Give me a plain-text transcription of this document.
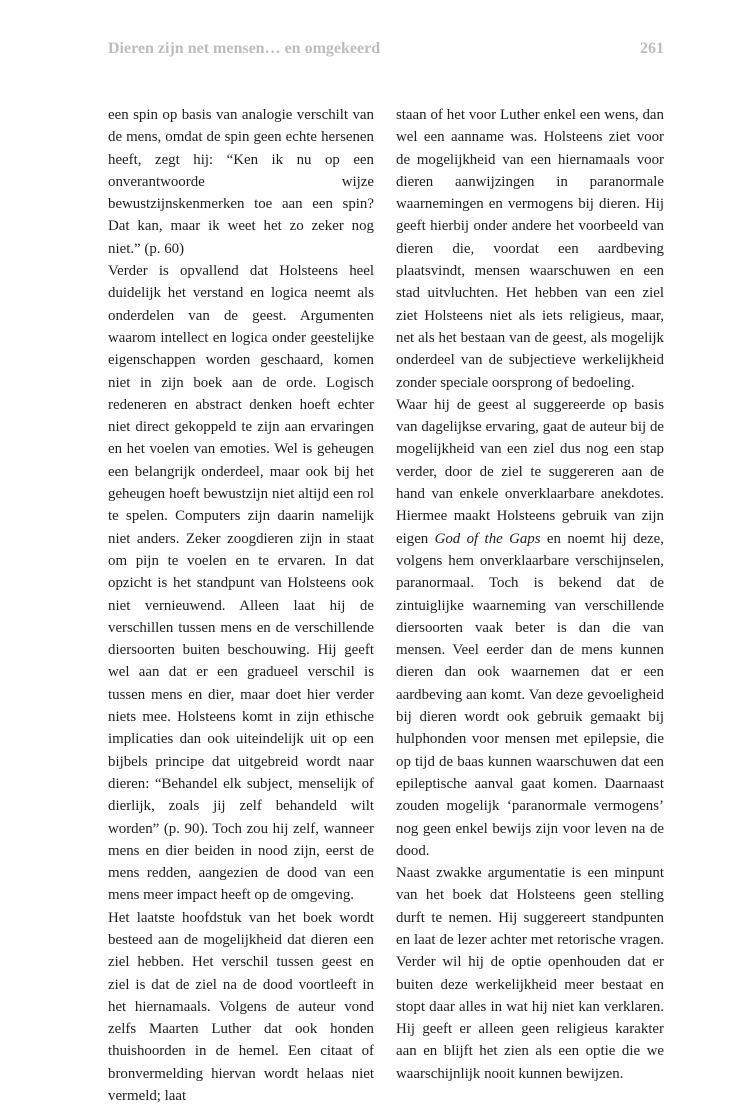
Dieren zijn net mensen… en omgekeerd	261

een spin op basis van analogie verschilt van de mens, omdat de spin geen echte hersenen heeft, zegt hij: “Ken ik nu op een onverantwoorde wijze bewustzijnskenmerken toe aan een spin? Dat kan, maar ik weet het zo zeker nog niet.” (p. 60)

Verder is opvallend dat Holsteens heel duidelijk het verstand en logica neemt als onderdelen van de geest. Argumenten waarom intellect en logica onder geestelijke eigenschappen worden geschaard, komen niet in zijn boek aan de orde. Logisch redeneren en abstract denken hoeft echter niet direct gekoppeld te zijn aan ervaringen en het voelen van emoties. Wel is geheugen een belangrijk onderdeel, maar ook bij het geheugen hoeft bewustzijn niet altijd een rol te spelen. Computers zijn daarin namelijk niet anders. Zeker zoogdieren zijn in staat om pijn te voelen en te ervaren. In dat opzicht is het standpunt van Holsteens ook niet vernieuwend. Alleen laat hij de verschillen tussen mens en de verschillende diersoorten buiten beschouwing. Hij geeft wel aan dat er een gradueel verschil is tussen mens en dier, maar doet hier verder niets mee. Holsteens komt in zijn ethische implicaties dan ook uiteindelijk uit op een bijbels principe dat uitgebreid wordt naar dieren: “Behandel elk subject, menselijk of dierlijk, zoals jij zelf behandeld wilt worden” (p. 90). Toch zou hij zelf, wanneer mens en dier beiden in nood zijn, eerst de mens redden, aangezien de dood van een mens meer impact heeft op de omgeving.

Het laatste hoofdstuk van het boek wordt besteed aan de mogelijkheid dat dieren een ziel hebben. Het verschil tussen geest en ziel is dat de ziel na de dood voortleeft in het hiernamaals. Volgens de auteur vond zelfs Maarten Luther dat ook honden thuishoorden in de hemel. Een citaat of bronvermelding hiervan wordt helaas niet vermeld; laat

staan of het voor Luther enkel een wens, dan wel een aanname was. Holsteens ziet voor de mogelijkheid van een hiernamaals voor dieren aanwijzingen in paranormale waarnemingen en vermogens bij dieren. Hij geeft hierbij onder andere het voorbeeld van dieren die, voordat een aardbeving plaatsvindt, mensen waarschuwen en een stad uitvluchten. Het hebben van een ziel ziet Holsteens niet als iets religieus, maar, net als het bestaan van de geest, als mogelijk onderdeel van de subjectieve werkelijkheid zonder speciale oorsprong of bedoeling.

Waar hij de geest al suggereerde op basis van dagelijkse ervaring, gaat de auteur bij de mogelijkheid van een ziel dus nog een stap verder, door de ziel te suggereren aan de hand van enkele onverklaarbare anekdotes. Hiermee maakt Holsteens gebruik van zijn eigen God of the Gaps en noemt hij deze, volgens hem onverklaarbare verschijnselen, paranormaal. Toch is bekend dat de zintuiglijke waarneming van verschillende diersoorten vaak beter is dan die van mensen. Veel eerder dan de mens kunnen dieren dan ook waarnemen dat er een aardbeving aan komt. Van deze gevoeligheid bij dieren wordt ook gebruik gemaakt bij hulphonden voor mensen met epilepsie, die op tijd de baas kunnen waarschuwen dat een epileptische aanval gaat komen. Daarnaast zouden mogelijk ‘paranormale vermogens’ nog geen enkel bewijs zijn voor leven na de dood.

Naast zwakke argumentatie is een minpunt van het boek dat Holsteens geen stelling durft te nemen. Hij suggereert standpunten en laat de lezer achter met retorische vragen. Verder wil hij de optie openhouden dat er buiten deze werkelijkheid meer bestaat en stopt daar alles in wat hij niet kan verklaren. Hij geeft er alleen geen religieus karakter aan en blijft het zien als een optie die we waarschijnlijk nooit kunnen bewijzen.
